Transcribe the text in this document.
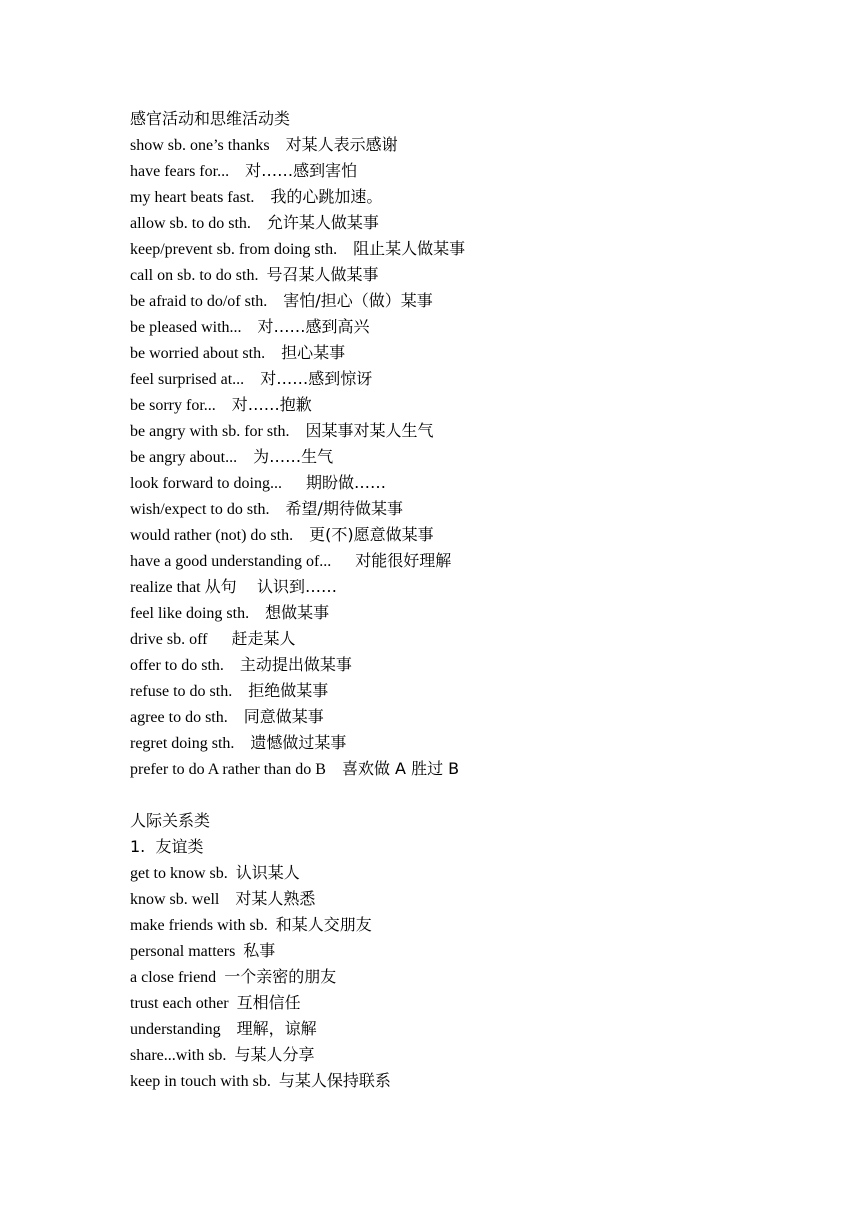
感官活动和思维活动类
show sb. one’s thanks    对某人表示感谢
have fears for...    对……感到害怕
my heart beats fast.    我的心跳加速。
allow sb. to do sth.    允许某人做某事
keep/prevent sb. from doing sth.    阻止某人做某事
call on sb. to do sth.  号召某人做某事
be afraid to do/of sth.    害怕/担心（做）某事
be pleased with...    对……感到高兴
be worried about sth.    担心某事
feel surprised at...    对……感到惊讶
be sorry for...    对……抱歉
be angry with sb. for sth.    因某事对某人生气
be angry about...    为……生气
look forward to doing...      期盼做……
wish/expect to do sth.    希望/期待做某事
would rather (not) do sth.    更(不)愿意做某事
have a good understanding of...      对能很好理解
realize that 从句    认识到……
feel like doing sth.    想做某事
drive sb. off      赶走某人
offer to do sth.    主动提出做某事
refuse to do sth.    拒绝做某事
agree to do sth.    同意做某事
regret doing sth.    遗憾做过某事
prefer to do A rather than do B    喜欢做 A 胜过 B
人际关系类
1.  友谊类
get to know sb.  认识某人
know sb. well    对某人熟悉
make friends with sb.  和某人交朋友
personal matters  私事
a close friend  一个亲密的朋友
trust each other  互相信任
understanding    理解，谅解
share...with sb.  与某人分享
keep in touch with sb.  与某人保持联系
